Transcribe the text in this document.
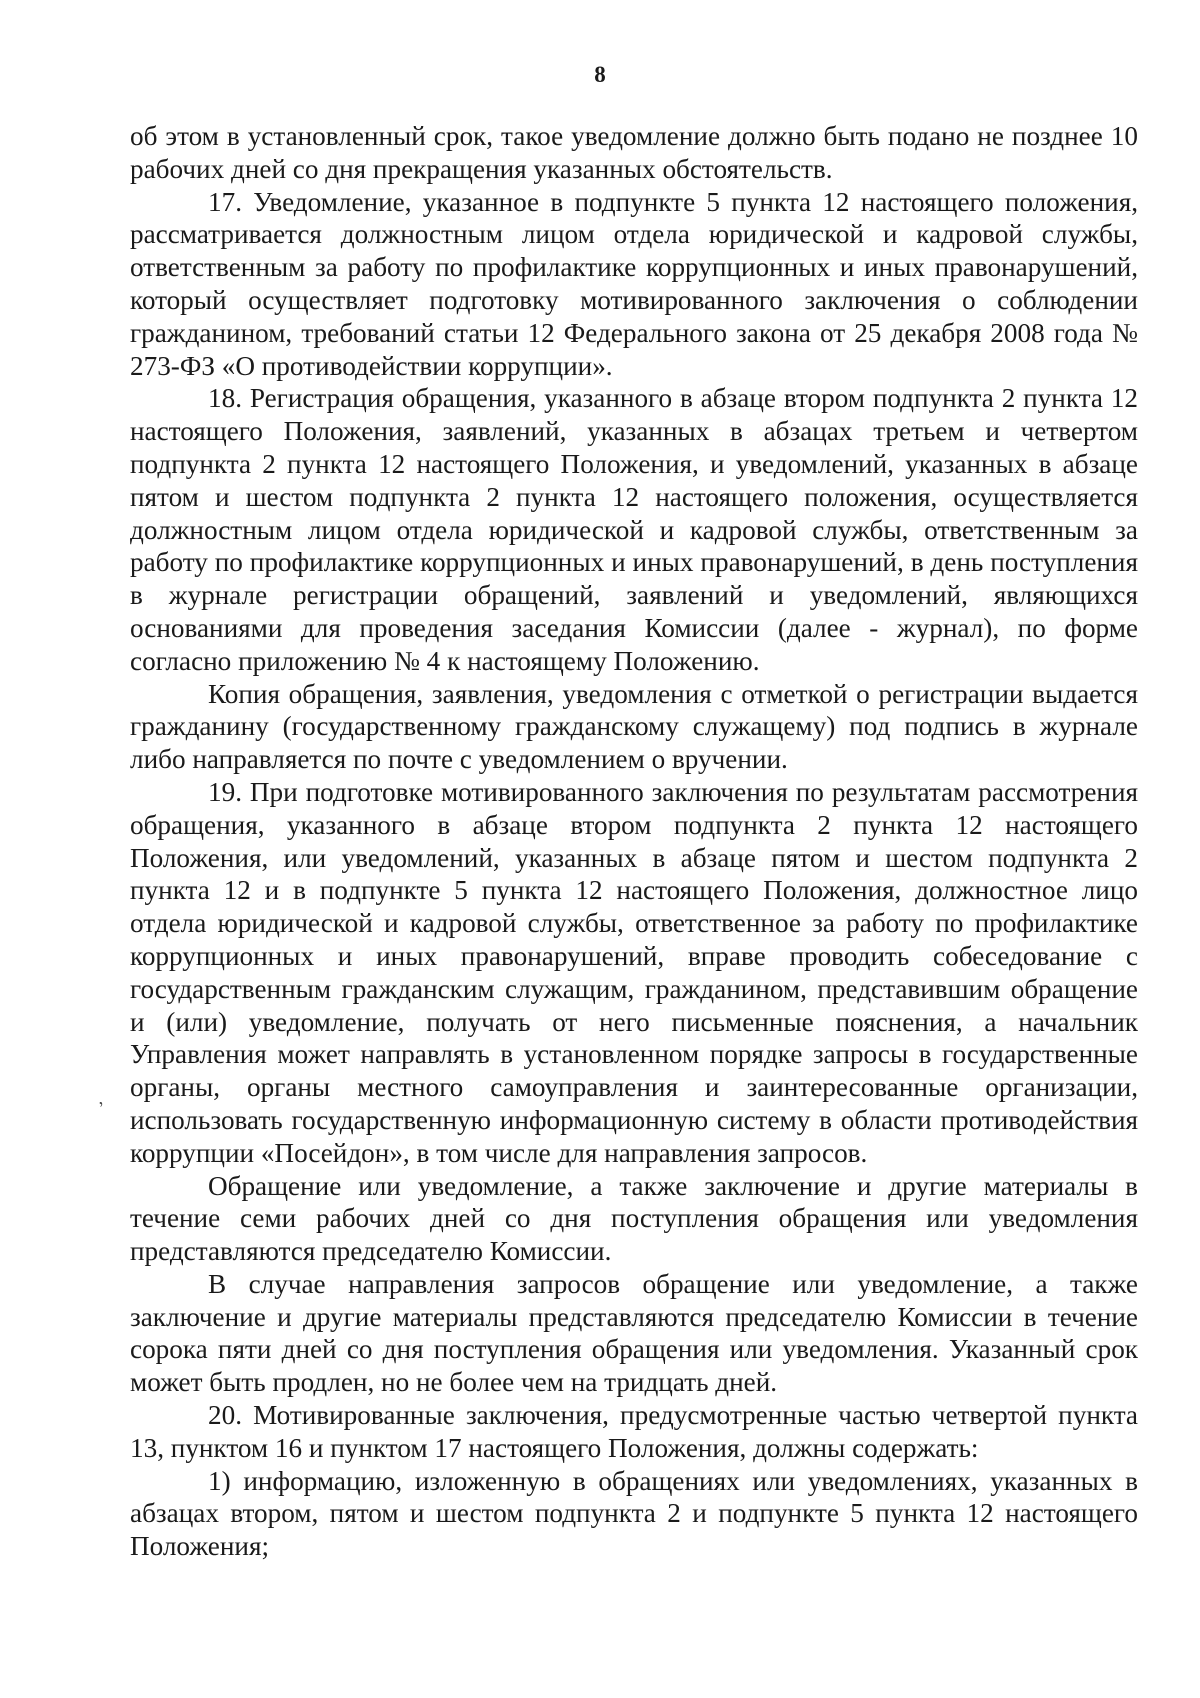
8
,

об этом в установленный срок, такое уведомление должно быть подано не позднее 10 рабочих дней со дня прекращения указанных обстоятельств.

17. Уведомление, указанное в подпункте 5 пункта 12 настоящего положения, рассматривается должностным лицом отдела юридической и кадровой службы, ответственным за работу по профилактике коррупционных и иных правонарушений, который осуществляет подготовку мотивированного заключения о соблюдении гражданином, требований статьи 12 Федерального закона от 25 декабря 2008 года № 273-ФЗ «О противодействии коррупции».

18. Регистрация обращения, указанного в абзаце втором подпункта 2 пункта 12 настоящего Положения, заявлений, указанных в абзацах третьем и четвертом подпункта 2 пункта 12 настоящего Положения, и уведомлений, указанных в абзаце пятом и шестом подпункта 2 пункта 12 настоящего положения, осуществляется должностным лицом отдела юридической и кадровой службы, ответственным за работу по профилактике коррупционных и иных правонарушений, в день поступления в журнале регистрации обращений, заявлений и уведомлений, являющихся основаниями для проведения заседания Комиссии (далее - журнал), по форме согласно приложению № 4 к настоящему Положению.

Копия обращения, заявления, уведомления с отметкой о регистрации выдается гражданину (государственному гражданскому служащему) под подпись в журнале либо направляется по почте с уведомлением о вручении.

19. При подготовке мотивированного заключения по результатам рассмотрения обращения, указанного в абзаце втором подпункта 2 пункта 12 настоящего Положения, или уведомлений, указанных в абзаце пятом и шестом подпункта 2 пункта 12 и в подпункте 5 пункта 12 настоящего Положения, должностное лицо отдела юридической и кадровой службы, ответственное за работу по профилактике коррупционных и иных правонарушений, вправе проводить собеседование с государственным гражданским служащим, гражданином, представившим обращение и (или) уведомление, получать от него письменные пояснения, а начальник Управления может направлять в установленном порядке запросы в государственные органы, органы местного самоуправления и заинтересованные организации, использовать государственную информационную систему в области противодействия коррупции «Посейдон», в том числе для направления запросов.

Обращение или уведомление, а также заключение и другие материалы в течение семи рабочих дней со дня поступления обращения или уведомления представляются председателю Комиссии.

В случае направления запросов обращение или уведомление, а также заключение и другие материалы представляются председателю Комиссии в течение сорока пяти дней со дня поступления обращения или уведомления. Указанный срок может быть продлен, но не более чем на тридцать дней.

20. Мотивированные заключения, предусмотренные частью четвертой пункта 13, пунктом 16 и пунктом 17 настоящего Положения, должны содержать:

1) информацию, изложенную в обращениях или уведомлениях, указанных в абзацах втором, пятом и шестом подпункта 2 и подпункте 5 пункта 12 настоящего Положения;
